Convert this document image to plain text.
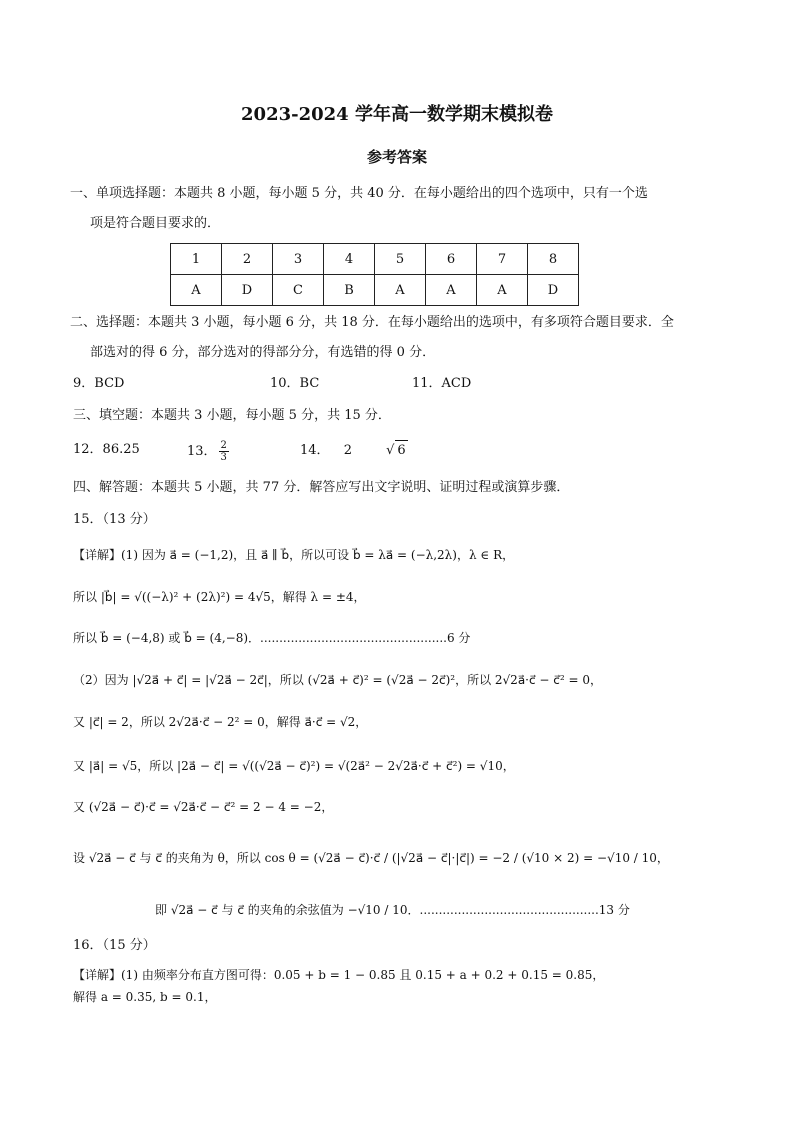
2023-2024 学年高一数学期末模拟卷
参考答案
一、单项选择题：本题共 8 小题，每小题 5 分，共 40 分．在每小题给出的四个选项中，只有一个选
项是符合题目要求的．
1	2	3	4	5	6	7	8
A	D	C	B	A	A	A	D
二、选择题：本题共 3 小题，每小题 6 分，共 18 分．在每小题给出的选项中，有多项符合题目要求．全
部选对的得 6 分，部分选对的得部分分，有选错的得 0 分．
9．BCD	10．BC	11．ACD
三、填空题：本题共 3 小题，每小题 5 分，共 15 分．
12．86.25	13． $\frac{2}{3}$	14． 2	√ 6
四、解答题：本题共 5 小题，共 77 分．解答应写出文字说明、证明过程或演算步骤．
15．（13 分）
【详解】(1) 因为 a⃗ = (−1,2)，且 a⃗ ∥ b⃗，所以可设 b⃗ = λa⃗ = (−λ,2λ)，λ ∈ R，
所以 |b⃗| = √((−λ)² + (2λ)²) = 4√5，解得 λ = ±4，
所以 b⃗ = (−4,8) 或 b⃗ = (4,−8)．.................................................6 分
（2）因为 |√2a⃗ + c⃗| = |√2a⃗ − 2c⃗|，所以 (√2a⃗ + c⃗)² = (√2a⃗ − 2c⃗)²，所以 2√2a⃗·c⃗ − c⃗² = 0，
又 |c⃗| = 2，所以 2√2a⃗·c⃗ − 2² = 0，解得 a⃗·c⃗ = √2，
又 |a⃗| = √5，所以 |2a⃗ − c⃗| = √((√2a⃗ − c⃗)²) = √(2a⃗² − 2√2a⃗·c⃗ + c⃗²) = √10，
又 (√2a⃗ − c⃗)·c⃗ = √2a⃗·c⃗ − c⃗² = 2 − 4 = −2，
设 √2a⃗ − c⃗ 与 c⃗ 的夹角为 θ，所以 cos θ = (√2a⃗ − c⃗)·c⃗ / (|√2a⃗ − c⃗|·|c⃗|) = −2 / (√10 × 2) = −√10 / 10，
即 √2a⃗ − c⃗ 与 c⃗ 的夹角的余弦值为 −√10 / 10．...............................................13 分
16．（15 分）
【详解】(1) 由频率分布直方图可得：0.05 + b = 1 − 0.85 且 0.15 + a + 0.2 + 0.15 = 0.85，
解得 a = 0.35, b = 0.1，
